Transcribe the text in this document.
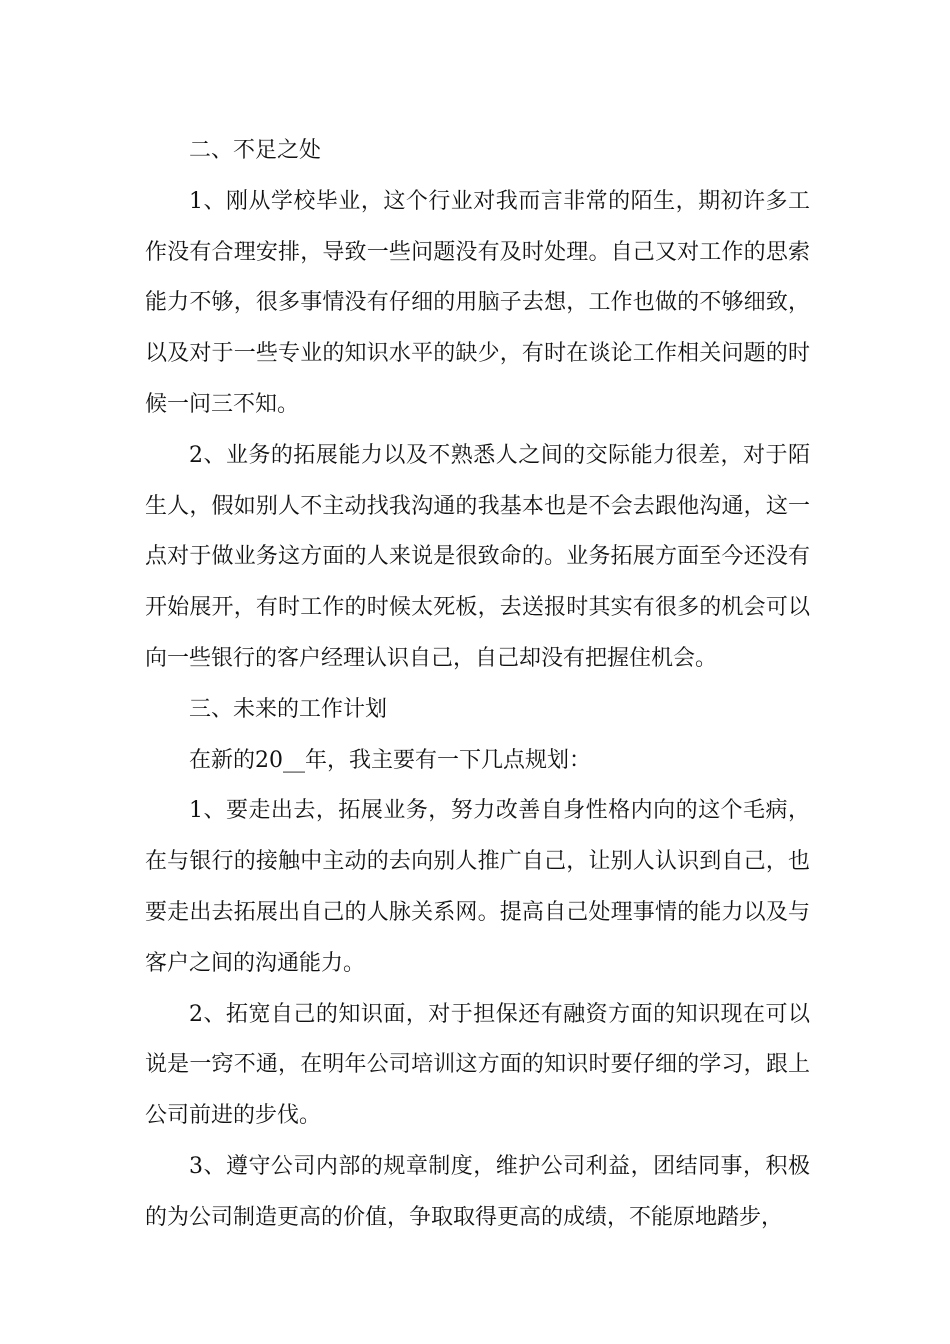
二、不足之处

1、刚从学校毕业，这个行业对我而言非常的陌生，期初许多工作没有合理安排，导致一些问题没有及时处理。自己又对工作的思索能力不够，很多事情没有仔细的用脑子去想，工作也做的不够细致，以及对于一些专业的知识水平的缺少，有时在谈论工作相关问题的时候一问三不知。

2、业务的拓展能力以及不熟悉人之间的交际能力很差，对于陌生人，假如别人不主动找我沟通的我基本也是不会去跟他沟通，这一点对于做业务这方面的人来说是很致命的。业务拓展方面至今还没有开始展开，有时工作的时候太死板，去送报时其实有很多的机会可以向一些银行的客户经理认识自己，自己却没有把握住机会。

三、未来的工作计划

在新的20__年，我主要有一下几点规划：

1、要走出去，拓展业务，努力改善自身性格内向的这个毛病，在与银行的接触中主动的去向别人推广自己，让别人认识到自己，也要走出去拓展出自己的人脉关系网。提高自己处理事情的能力以及与客户之间的沟通能力。

2、拓宽自己的知识面，对于担保还有融资方面的知识现在可以说是一窍不通，在明年公司培训这方面的知识时要仔细的学习，跟上公司前进的步伐。

3、遵守公司内部的规章制度，维护公司利益，团结同事，积极的为公司制造更高的价值，争取取得更高的成绩，不能原地踏步，
